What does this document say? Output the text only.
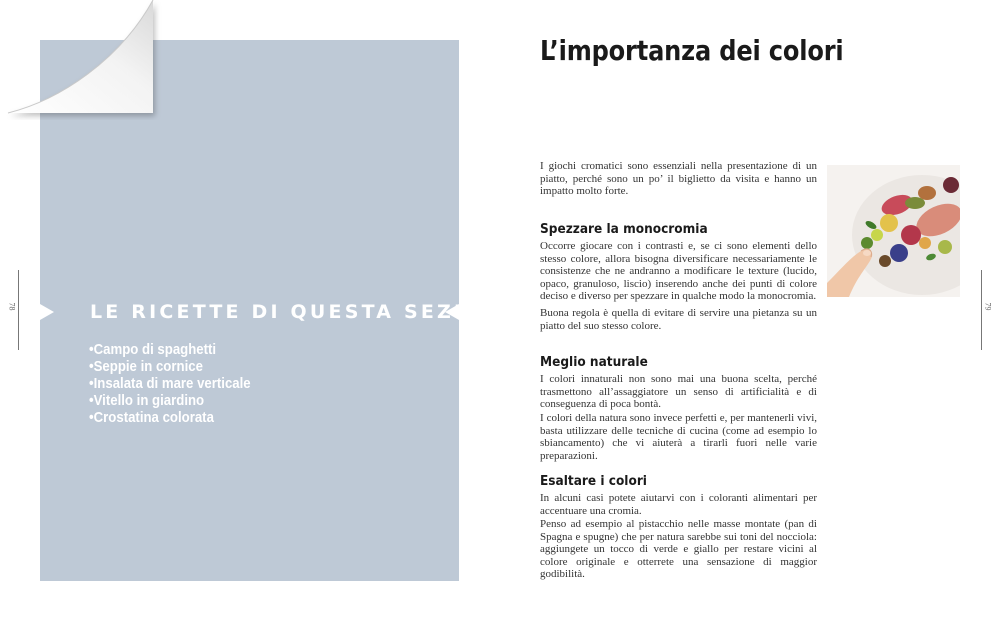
LE RICETTE DI QUESTA SEZIONE
•Campo di spaghetti
•Seppie in cornice
•Insalata di mare verticale
•Vitello in giardino
•Crostatina colorata
78
L’importanza dei colori

I giochi cromatici sono essenziali nella presentazione di un piatto, perché sono un po’ il biglietto da visita e hanno un impatto molto forte.

Spezzare la monocromia

Occorre giocare con i contrasti e, se ci sono elementi dello stesso colore, allora bisogna diversificare necessariamente le consistenze che ne andranno a modificare le texture (lucido, opaco, granuloso, liscio) inserendo anche dei punti di colore deciso e diverso per spezzare in qualche modo la monocromia.

Buona regola è quella di evitare di servire una pietanza su un piatto del suo stesso colore.

Meglio naturale

I colori innaturali non sono mai una buona scelta, perché trasmettono all’assaggiatore un senso di artificialità e di conseguenza di poca bontà.

I colori della natura sono invece perfetti e, per mantenerli vivi, basta utilizzare delle tecniche di cucina (come ad esempio lo sbiancamento) che vi aiuterà a tirarli fuori nelle varie preparazioni.

Esaltare i colori

In alcuni casi potete aiutarvi con i coloranti alimentari per accentuare una cromia.

Penso ad esempio al pistacchio nelle masse montate (pan di Spagna e spugne) che per natura sarebbe sui toni del nocciola: aggiungete un tocco di verde e giallo per restare vicini al colore originale e otterrete una sensazione di maggior godibilità.

79
